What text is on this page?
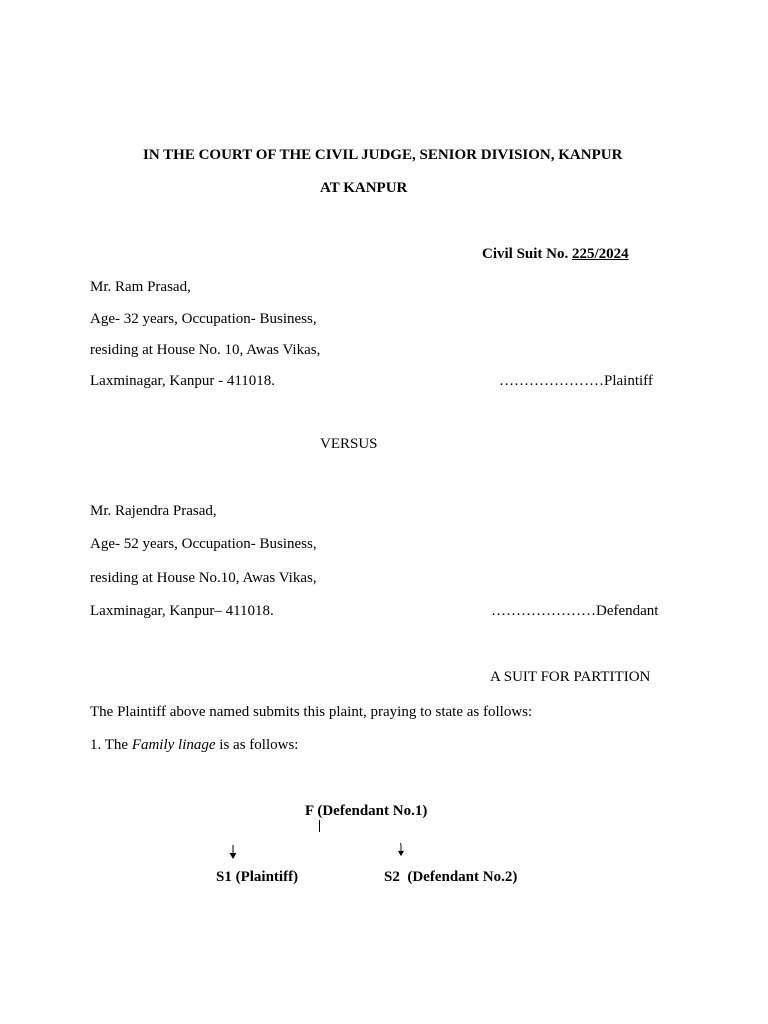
IN THE COURT OF THE CIVIL JUDGE, SENIOR DIVISION, KANPUR
AT KANPUR
Civil Suit No. 225/2024
Mr. Ram Prasad,
Age- 32 years, Occupation- Business,
residing at House No. 10, Awas Vikas,
Laxminagar, Kanpur - 411018.	…………………Plaintiff
VERSUS
Mr. Rajendra Prasad,
Age- 52 years, Occupation- Business,
residing at House No.10, Awas Vikas,
Laxminagar, Kanpur– 411018.	…………………Defendant
A SUIT FOR PARTITION
The Plaintiff above named submits this plaint, praying to state as follows:
1. The Family linage is as follows:
F (Defendant No.1)
S1 (Plaintiff)	S2  (Defendant No.2)
